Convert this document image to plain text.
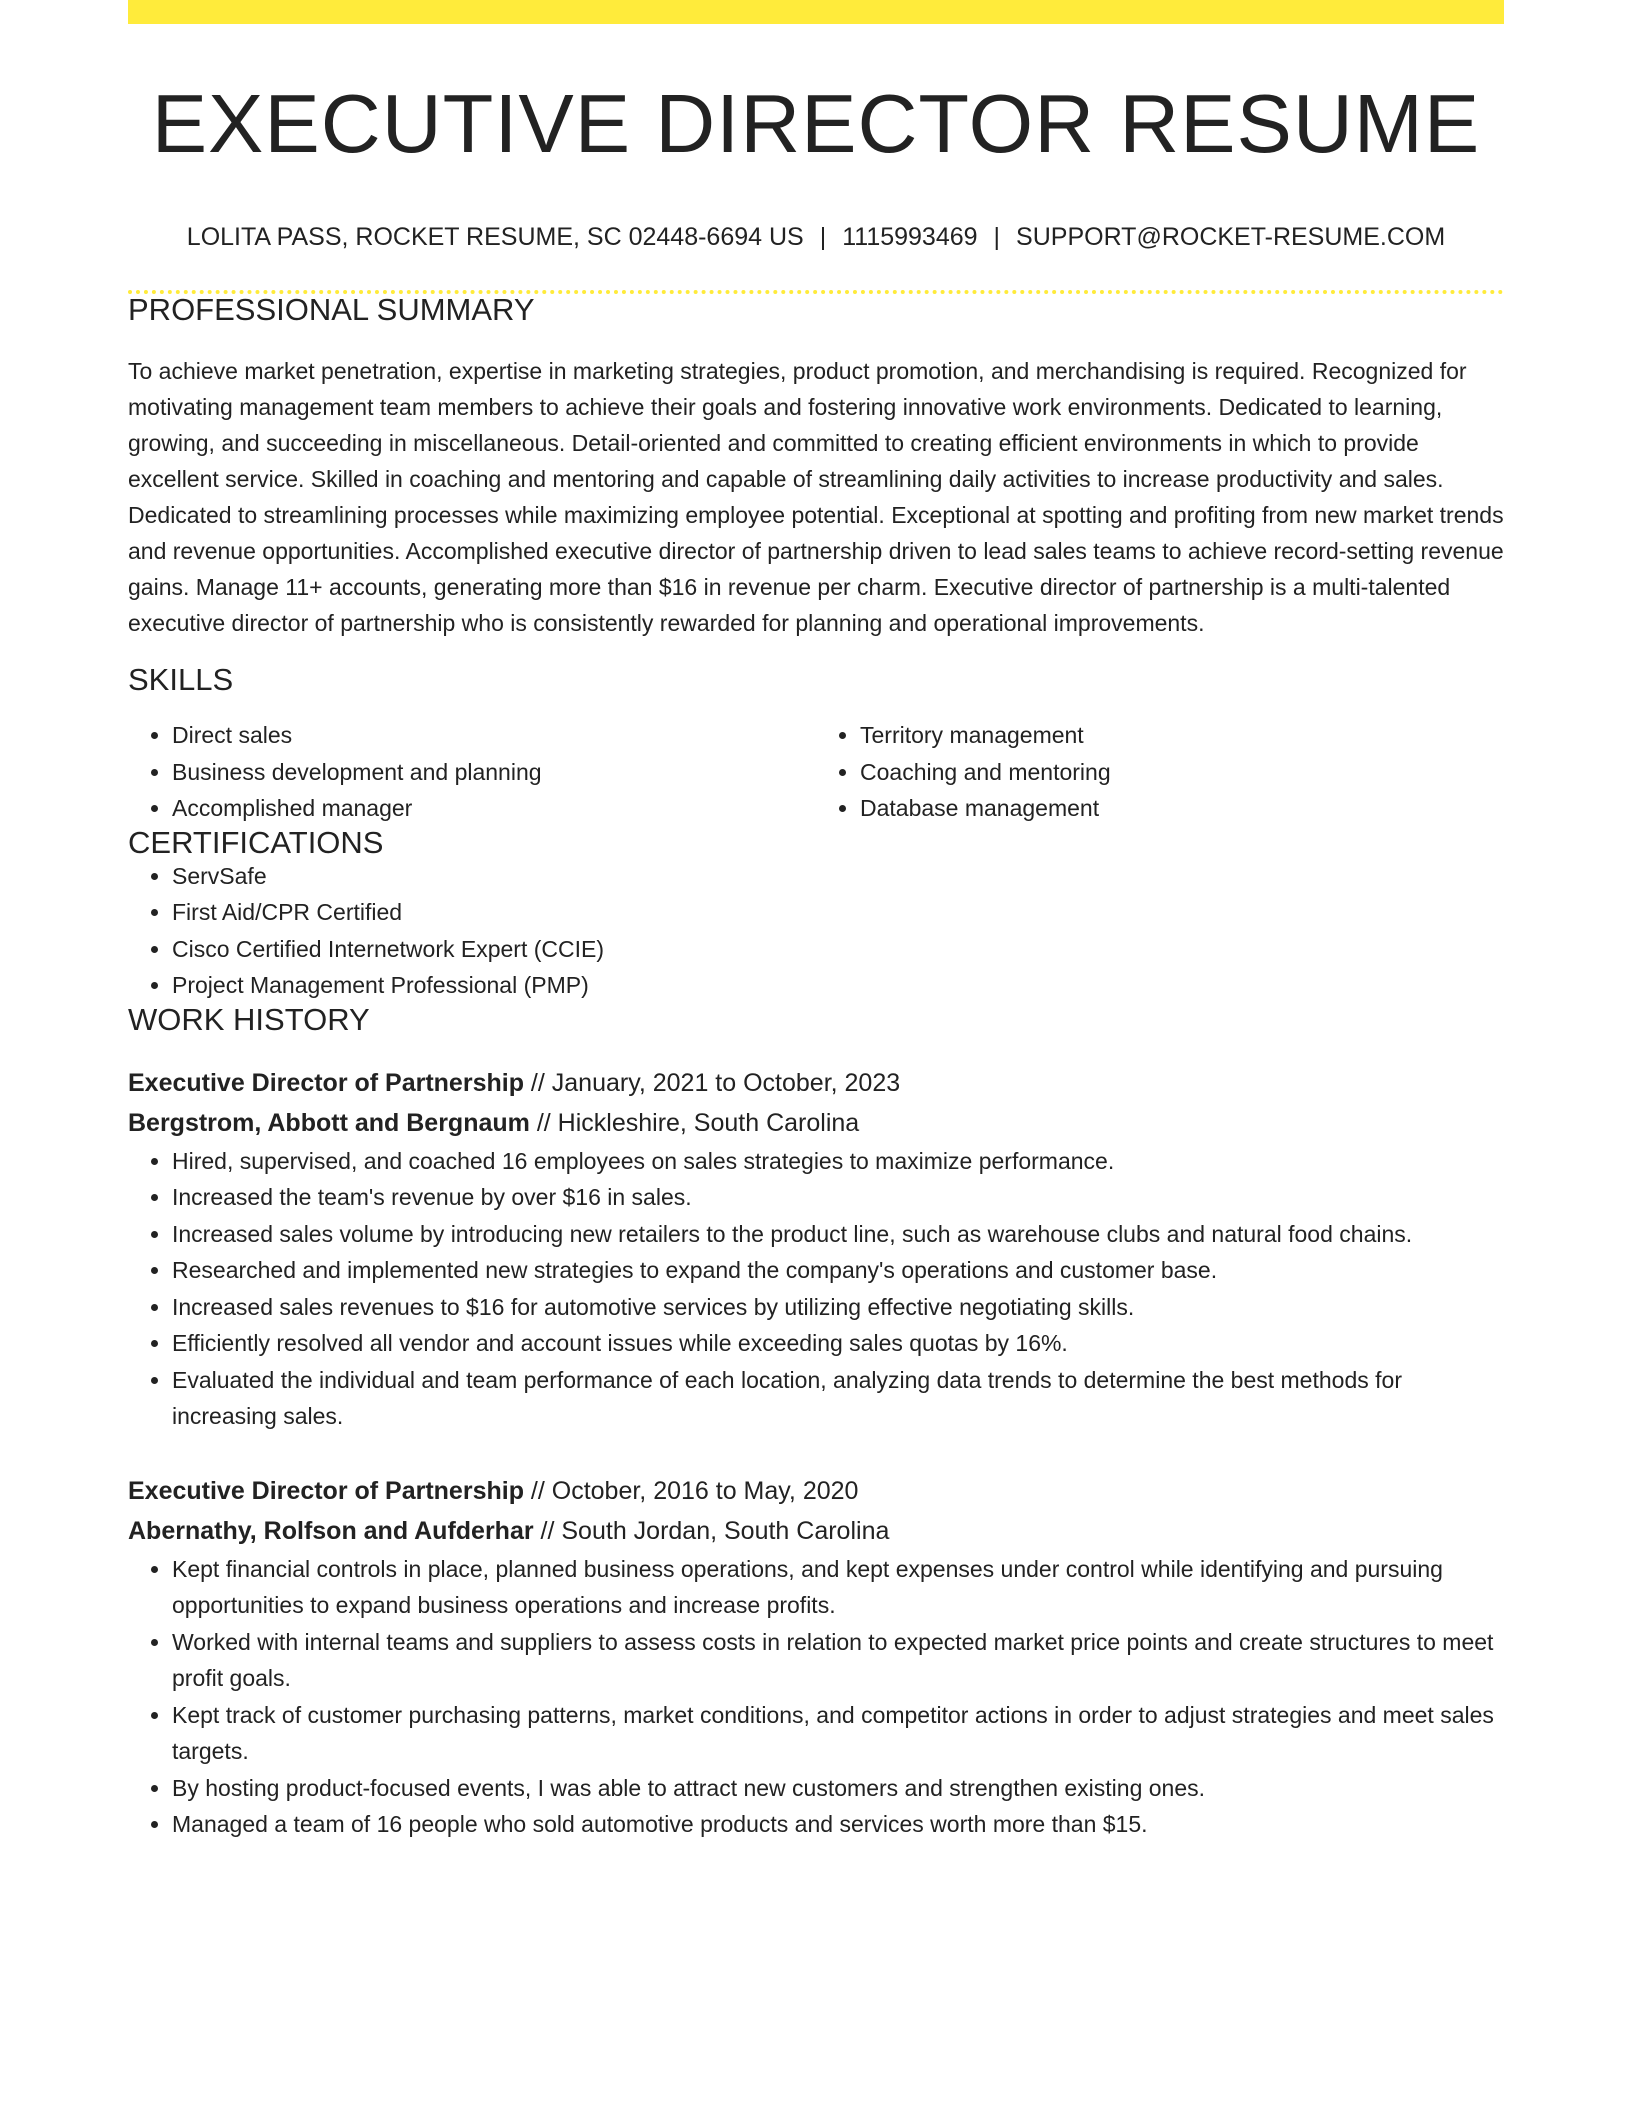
EXECUTIVE DIRECTOR RESUME
LOLITA PASS, ROCKET RESUME, SC 02448-6694 US | 1115993469 | SUPPORT@ROCKET-RESUME.COM
PROFESSIONAL SUMMARY

To achieve market penetration, expertise in marketing strategies, product promotion, and merchandising is required. Recognized for motivating management team members to achieve their goals and fostering innovative work environments. Dedicated to learning, growing, and succeeding in miscellaneous. Detail-oriented and committed to creating efficient environments in which to provide excellent service. Skilled in coaching and mentoring and capable of streamlining daily activities to increase productivity and sales. Dedicated to streamlining processes while maximizing employee potential. Exceptional at spotting and profiting from new market trends and revenue opportunities. Accomplished executive director of partnership driven to lead sales teams to achieve record-setting revenue gains. Manage 11+ accounts, generating more than $16 in revenue per charm. Executive director of partnership is a multi-talented executive director of partnership who is consistently rewarded for planning and operational improvements.

SKILLS
• Direct sales
• Business development and planning
• Accomplished manager
• Territory management
• Coaching and mentoring
• Database management
CERTIFICATIONS
• ServSafe
• First Aid/CPR Certified
• Cisco Certified Internetwork Expert (CCIE)
• Project Management Professional (PMP)
WORK HISTORY
Executive Director of Partnership // January, 2021 to October, 2023
Bergstrom, Abbott and Bergnaum // Hickleshire, South Carolina
• Hired, supervised, and coached 16 employees on sales strategies to maximize performance.
• Increased the team's revenue by over $16 in sales.
• Increased sales volume by introducing new retailers to the product line, such as warehouse clubs and natural food chains.
• Researched and implemented new strategies to expand the company's operations and customer base.
• Increased sales revenues to $16 for automotive services by utilizing effective negotiating skills.
• Efficiently resolved all vendor and account issues while exceeding sales quotas by 16%.
• Evaluated the individual and team performance of each location, analyzing data trends to determine the best methods for increasing sales.
Executive Director of Partnership // October, 2016 to May, 2020
Abernathy, Rolfson and Aufderhar // South Jordan, South Carolina
• Kept financial controls in place, planned business operations, and kept expenses under control while identifying and pursuing opportunities to expand business operations and increase profits.
• Worked with internal teams and suppliers to assess costs in relation to expected market price points and create structures to meet profit goals.
• Kept track of customer purchasing patterns, market conditions, and competitor actions in order to adjust strategies and meet sales targets.
• By hosting product-focused events, I was able to attract new customers and strengthen existing ones.
• Managed a team of 16 people who sold automotive products and services worth more than $15.
